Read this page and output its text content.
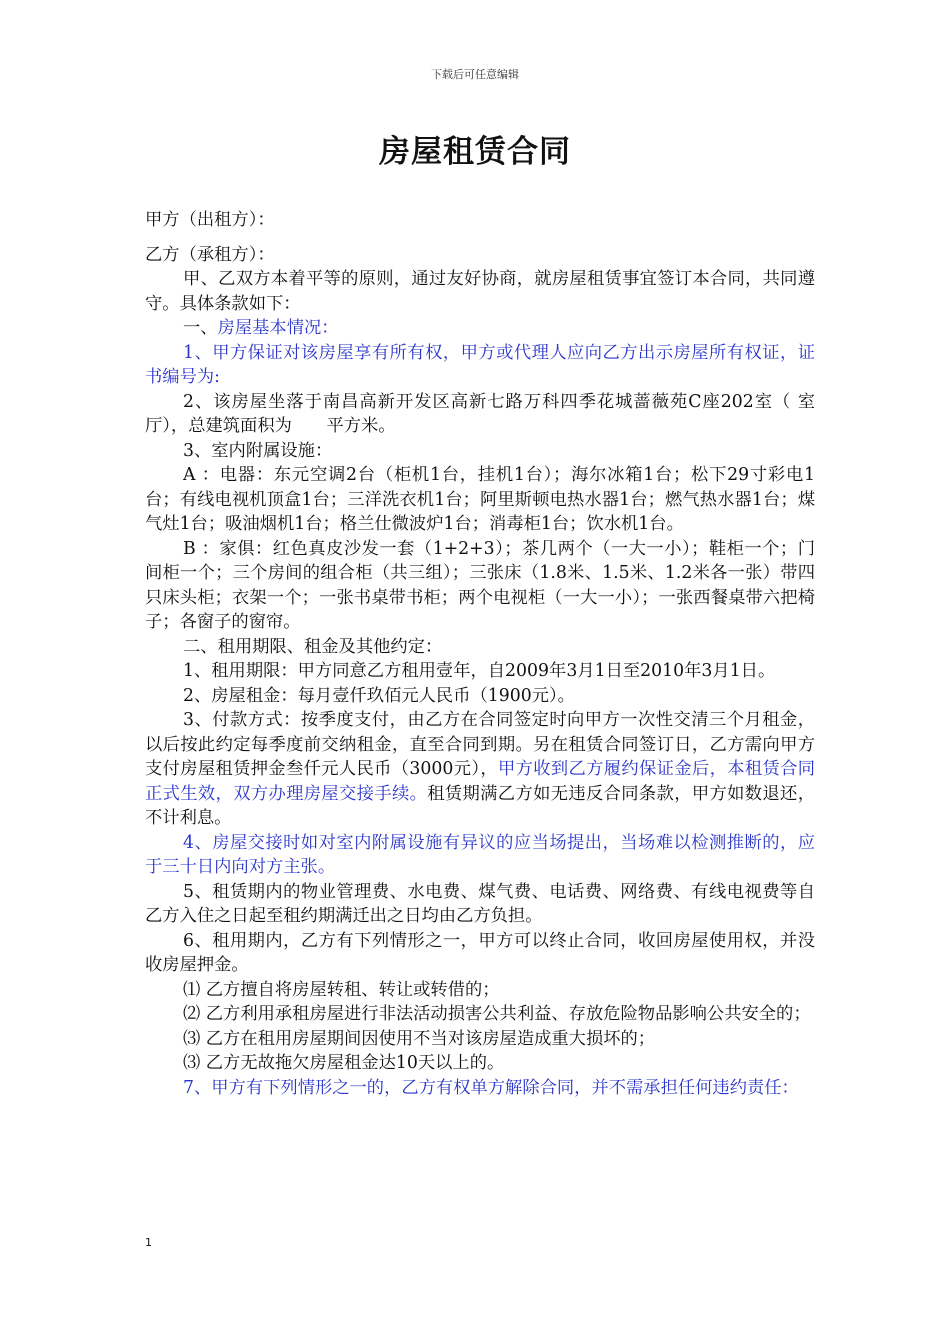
下载后可任意编辑
房屋租赁合同

甲方（出租方）：

乙方（承租方）：

甲、乙双方本着平等的原则，通过友好协商，就房屋租赁事宜签订本合同，共同遵守。具体条款如下：

一、房屋基本情况：

1、甲方保证对该房屋享有所有权，甲方或代理人应向乙方出示房屋所有权证，证书编号为:

2、该房屋坐落于南昌高新开发区高新七路万科四季花城蔷薇苑C座202室（ 室 厅），总建筑面积为　　平方米。

3、室内附属设施：

A ：电器：东元空调2台（柜机1台，挂机1台）；海尔冰箱1台；松下29寸彩电1台；有线电视机顶盒1台；三洋洗衣机1台；阿里斯顿电热水器1台；燃气热水器1台；煤气灶1台；吸油烟机1台；格兰仕微波炉1台；消毒柜1台；饮水机1台。

B ：家俱：红色真皮沙发一套（1+2+3）；茶几两个（一大一小）；鞋柜一个；门间柜一个；三个房间的组合柜（共三组）；三张床（1.8米、1.5米、1.2米各一张）带四只床头柜；衣架一个；一张书桌带书柜；两个电视柜（一大一小）；一张西餐桌带六把椅子；各窗子的窗帘。

二、租用期限、租金及其他约定：

1、租用期限：甲方同意乙方租用壹年，自2009年3月1日至2010年3月1日。

2、房屋租金：每月壹仟玖佰元人民币（1900元）。

3、付款方式：按季度支付，由乙方在合同签定时向甲方一次性交清三个月租金，以后按此约定每季度前交纳租金，直至合同到期。另在租赁合同签订日，乙方需向甲方支付房屋租赁押金叁仟元人民币（3000元），甲方收到乙方履约保证金后，本租赁合同正式生效，双方办理房屋交接手续。租赁期满乙方如无违反合同条款，甲方如数退还，不计利息。

4、房屋交接时如对室内附属设施有异议的应当场提出，当场难以检测推断的，应于三十日内向对方主张。

5、租赁期内的物业管理费、水电费、煤气费、电话费、网络费、有线电视费等自乙方入住之日起至租约期满迁出之日均由乙方负担。

6、租用期内，乙方有下列情形之一，甲方可以终止合同，收回房屋使用权，并没收房屋押金。

⑴ 乙方擅自将房屋转租、转让或转借的；

⑵ 乙方利用承租房屋进行非法活动损害公共利益、存放危险物品影响公共安全的；

⑶ 乙方在租用房屋期间因使用不当对该房屋造成重大损坏的；

⑶ 乙方无故拖欠房屋租金达10天以上的。

7、甲方有下列情形之一的，乙方有权单方解除合同，并不需承担任何违约责任：

1
